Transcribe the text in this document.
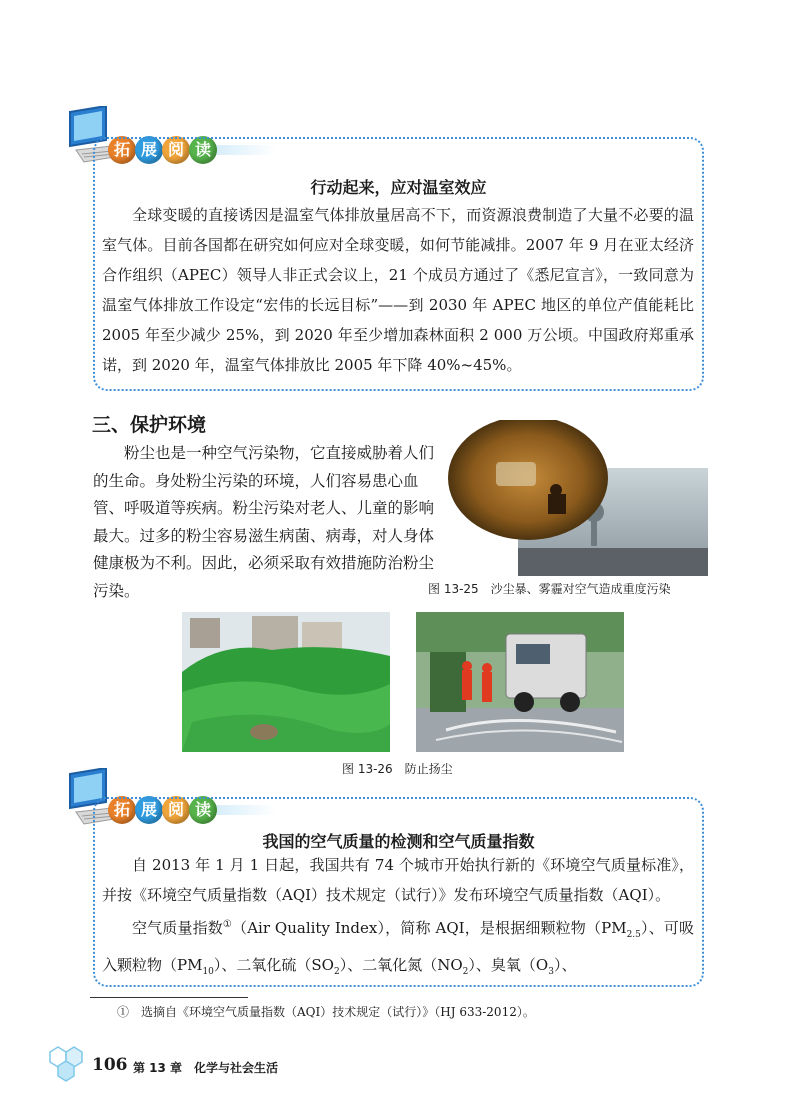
拓 展 阅 读
行动起来，应对温室效应

全球变暖的直接诱因是温室气体排放量居高不下，而资源浪费制造了大量不必要的温室气体。目前各国都在研究如何应对全球变暖，如何节能减排。2007 年 9 月在亚太经济合作组织（APEC）领导人非正式会议上，21 个成员方通过了《悉尼宣言》，一致同意为温室气体排放工作设定“宏伟的长远目标”——到 2030 年 APEC 地区的单位产值能耗比 2005 年至少减少 25%，到 2020 年至少增加森林面积 2 000 万公顷。中国政府郑重承诺，到 2020 年，温室气体排放比 2005 年下降 40%~45%。

三、保护环境

粉尘也是一种空气污染物，它直接威胁着人们的生命。身处粉尘污染的环境，人们容易患心血管、呼吸道等疾病。粉尘污染对老人、儿童的影响最大。过多的粉尘容易滋生病菌、病毒，对人身体健康极为不利。因此，必须采取有效措施防治粉尘污染。	图 13-25　沙尘暴、雾霾对空气造成重度污染
图 13-26　防止扬尘
拓 展 阅 读
我国的空气质量的检测和空气质量指数

自 2013 年 1 月 1 日起，我国共有 74 个城市开始执行新的《环境空气质量标准》，并按《环境空气质量指数（AQI）技术规定（试行）》发布环境空气质量指数（AQI）。

空气质量指数①（Air Quality Index），简称 AQI，是根据细颗粒物$(PM_{2.5})$、可吸入颗粒物$(PM_{10})$、二氧化硫$(SO_2)$、二氧化氮$(NO_2)$、臭氧$(O_3)$、

①　选摘自《环境空气质量指数（AQI）技术规定（试行）》（HJ 633-2012）。
106 第 13 章　化学与社会生活
